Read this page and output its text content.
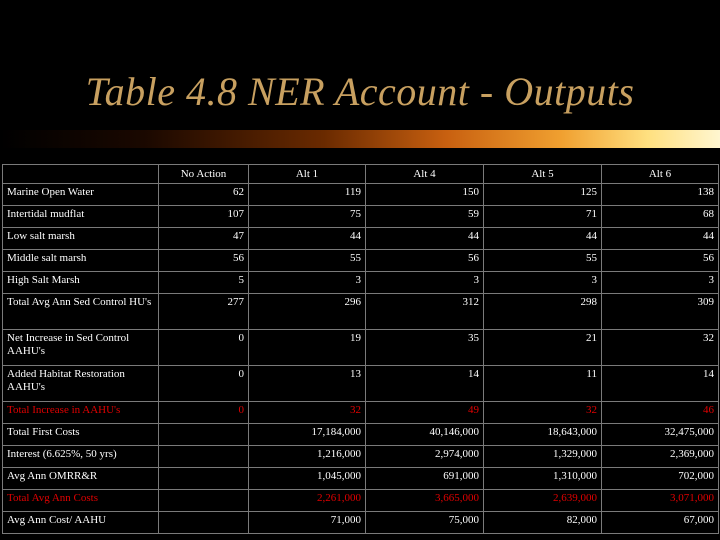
Table 4.8 NER Account - Outputs
	No Action	Alt 1	Alt 4	Alt 5	Alt 6
Marine Open Water	62	119	150	125	138
Intertidal mudflat	107	75	59	71	68
Low salt marsh	47	44	44	44	44
Middle salt marsh	56	55	56	55	56
High Salt Marsh	5	3	3	3	3
Total Avg Ann Sed Control HU's	277	296	312	298	309
Net Increase in Sed Control AAHU's	0	19	35	21	32
Added Habitat Restoration AAHU's	0	13	14	11	14
Total Increase in AAHU's	0	32	49	32	46
Total First Costs		17,184,000	40,146,000	18,643,000	32,475,000
Interest (6.625%, 50 yrs)		1,216,000	2,974,000	1,329,000	2,369,000
Avg Ann OMRR&R		1,045,000	691,000	1,310,000	702,000
Total Avg Ann Costs		2,261,000	3,665,000	2,639,000	3,071,000
Avg Ann Cost/ AAHU		71,000	75,000	82,000	67,000
